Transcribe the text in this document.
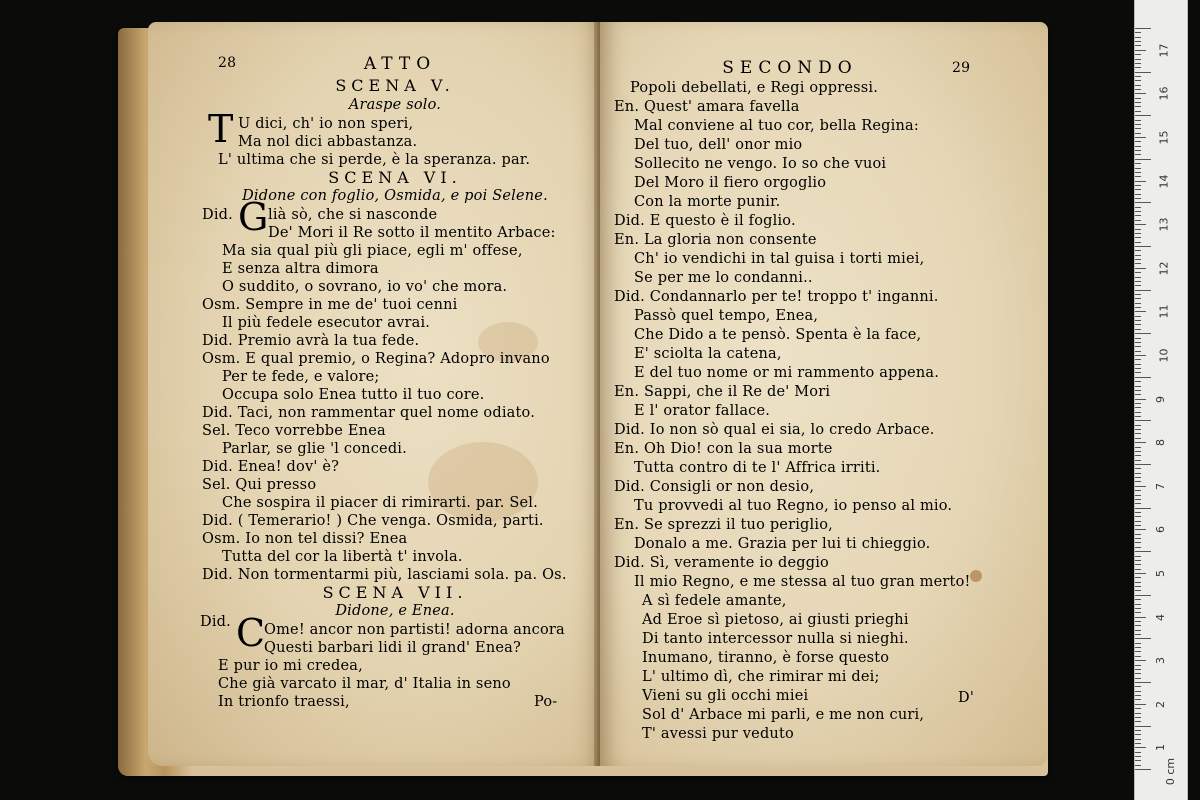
28	ATTO
SCENA V.
Araspe solo.
T U dici, ch' io non speri,
Ma nol dici abbastanza.
L' ultima che si perde, è la speranza. par.
SCENA VI.
Didone con foglio, Osmida, e poi Selene.
Did. G lià sò, che si nasconde
De' Mori il Re sotto il mentito Arbace:
Ma sia qual più gli piace, egli m' offese,
E senza altra dimora
O suddito, o sovrano, io vo' che mora.
Osm. Sempre in me de' tuoi cenni
Il più fedele esecutor avrai.
Did. Premio avrà la tua fede.
Osm. E qual premio, o Regina? Adopro invano
Per te fede, e valore;
Occupa solo Enea tutto il tuo core.
Did. Taci, non rammentar quel nome odiato.
Sel. Teco vorrebbe Enea
Parlar, se glie 'l concedi.
Did. Enea! dov' è?
Sel. Qui presso
Che sospira il piacer di rimirarti. par. Sel.
Did. ( Temerario! ) Che venga. Osmida, parti.
Osm. Io non tel dissi? Enea
Tutta del cor la libertà t' involа.
Did. Non tormentarmi più, lasciami sola. pa. Os.
SCENA VII.
Didone, e Enea.
Did. C
Ome! ancor non partisti! adorna ancora
Questi barbari lidi il grand' Enea?
E pur io mi credea,
Che già varcato il mar, d' Italia in seno
In trionfo traessi,	Po-
SECONDO	29
Popoli debellati, e Regi oppressi.
En. Quest' amara favella
Mal conviene al tuo cor, bella Regina:
Del tuo, dell' onor mio
Sollecito ne vengo. Io so che vuoi
Del Moro il fiero orgoglio
Con la morte punir.
Did. E questo è il foglio.
En. La gloria non consente
Ch' io vendichi in tal guisa i torti miei,
Se per me lo condanni..
Did. Condannarlo per te! troppo t' inganni.
Passò quel tempo, Enea,
Che Dido a te pensò. Spenta è la face,
E' sciolta la catena,
E del tuo nome or mi rammento appena.
En. Sappi, che il Re de' Mori
E l' orator fallace.
Did. Io non sò qual ei sia, lo credo Arbace.
En. Oh Dio! con la sua morte
Tutta contro di te l' Affrica irriti.
Did. Consigli or non desio,
Tu provvedi al tuo Regno, io penso al mio.
En. Se sprezzi il tuo periglio,
Donalo a me. Grazia per lui ti chieggio.
Did. Sì, veramente io deggio
Il mio Regno, e me stessa al tuo gran merto!
A sì fedele amante,
Ad Eroe sì pietoso, ai giusti prieghi
Di tanto intercessor nulla si nieghi.
Inumano, tiranno, è forse questo
L' ultimo dì, che rimirar mi dei;
Vieni su gli occhi miei
Sol d' Arbace mi parli, e me non curi,
T' avessi pur veduto
D'
17
16
15
14
13
12
11
10
9
8
7
6
5
4
3
2
1
0 cm
